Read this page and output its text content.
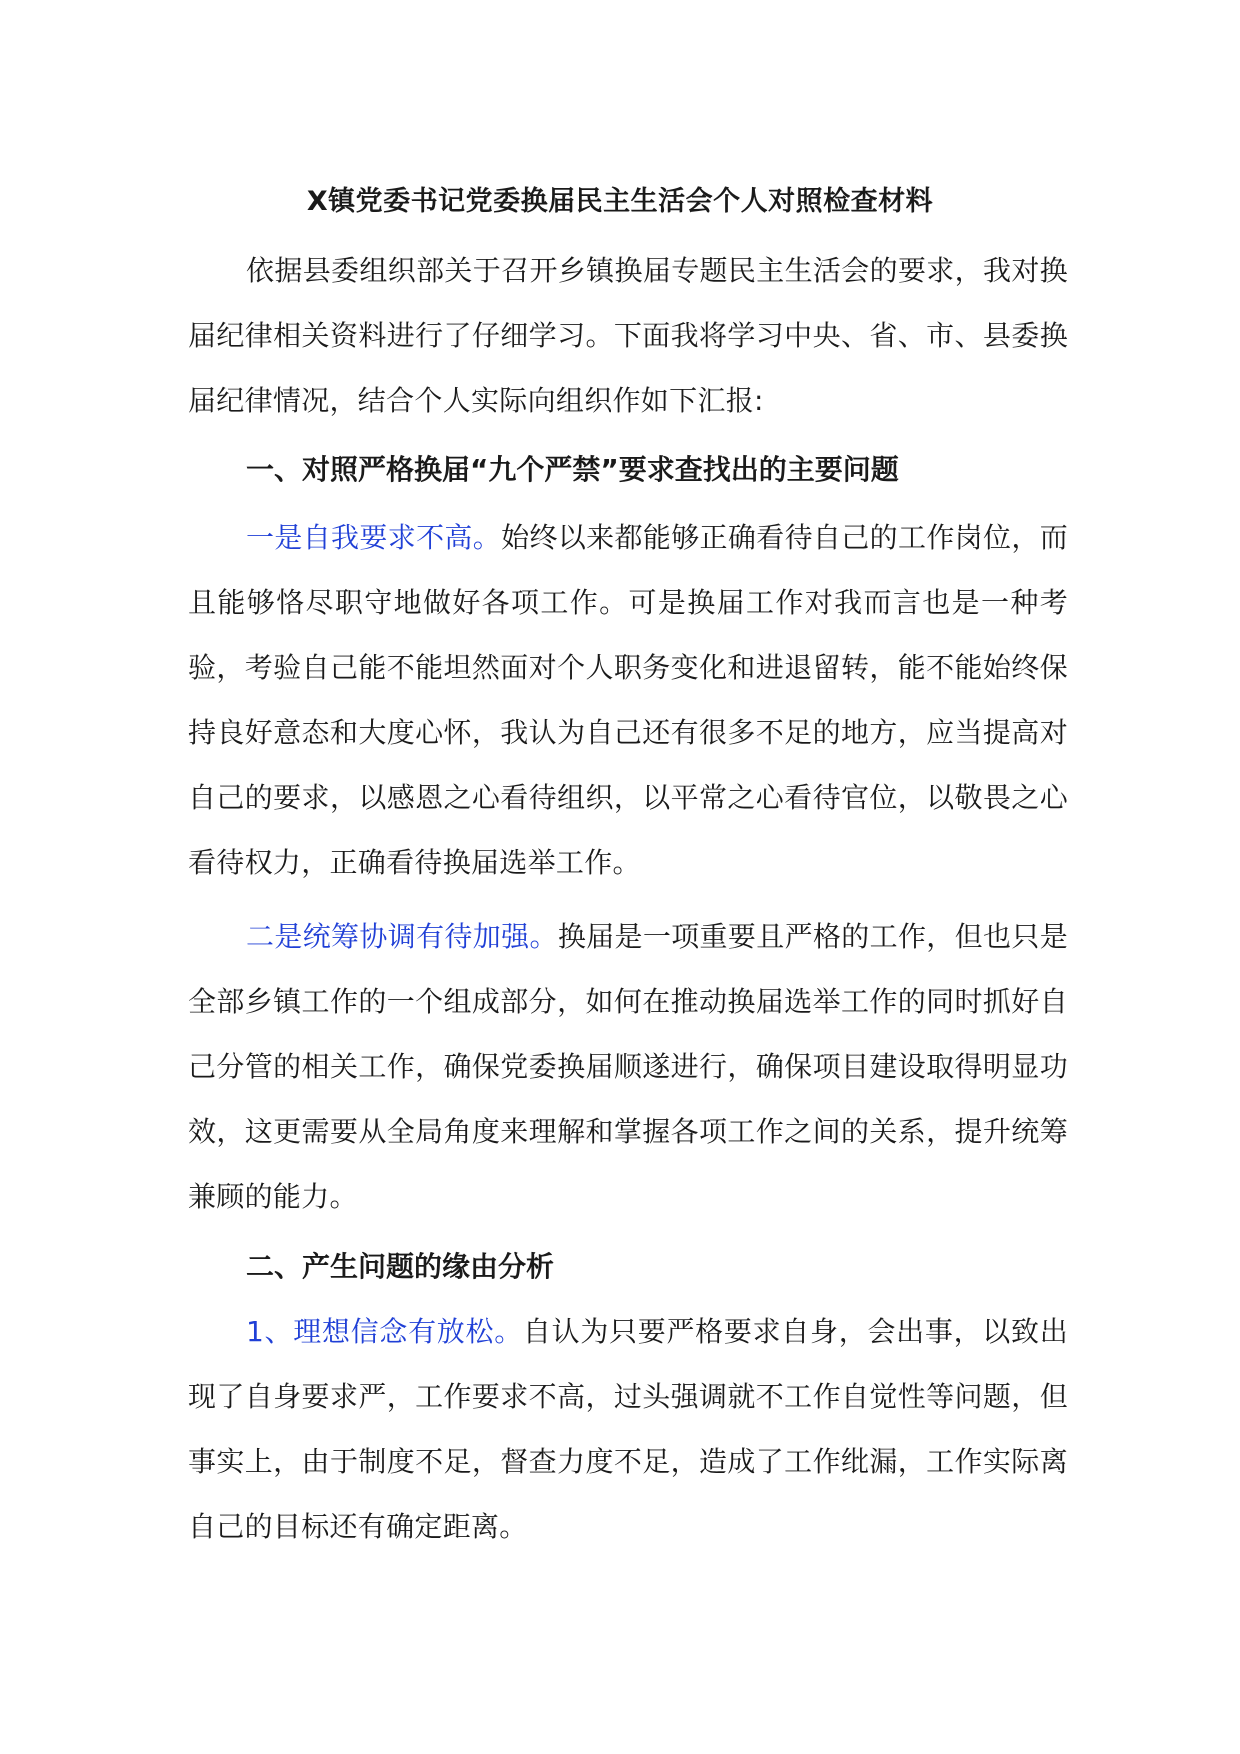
X镇党委书记党委换届民主生活会个人对照检查材料

依据县委组织部关于召开乡镇换届专题民主生活会的要求，我对换届纪律相关资料进行了仔细学习。下面我将学习中央、省、市、县委换届纪律情况，结合个人实际向组织作如下汇报:

一、对照严格换届“九个严禁”要求查找出的主要问题

一是自我要求不高。始终以来都能够正确看待自己的工作岗位，而且能够恪尽职守地做好各项工作。可是换届工作对我而言也是一种考验，考验自己能不能坦然面对个人职务变化和进退留转，能不能始终保持良好意态和大度心怀，我认为自己还有很多不足的地方，应当提高对自己的要求，以感恩之心看待组织，以平常之心看待官位，以敬畏之心看待权力，正确看待换届选举工作。

二是统筹协调有待加强。换届是一项重要且严格的工作，但也只是全部乡镇工作的一个组成部分，如何在推动换届选举工作的同时抓好自己分管的相关工作，确保党委换届顺遂进行，确保项目建设取得明显功效，这更需要从全局角度来理解和掌握各项工作之间的关系，提升统筹兼顾的能力。

二、产生问题的缘由分析

1、理想信念有放松。自认为只要严格要求自身，会出事，以致出现了自身要求严，工作要求不高，过头强调就不工作自觉性等问题，但事实上，由于制度不足，督查力度不足，造成了工作纰漏，工作实际离自己的目标还有确定距离。
